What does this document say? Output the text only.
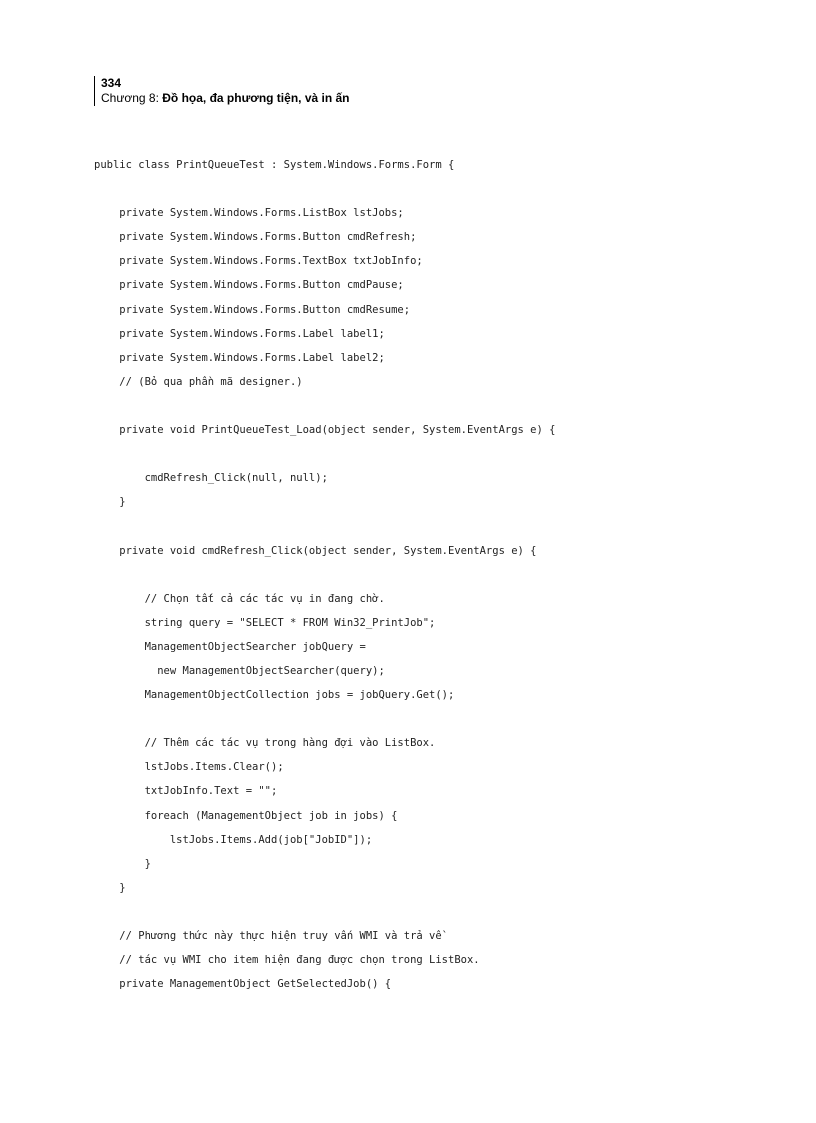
334
Chương 8: Đồ họa, đa phương tiện, và in ấn
public class PrintQueueTest : System.Windows.Forms.Form {
private System.Windows.Forms.ListBox lstJobs;
private System.Windows.Forms.Button cmdRefresh;
private System.Windows.Forms.TextBox txtJobInfo;
private System.Windows.Forms.Button cmdPause;
private System.Windows.Forms.Button cmdResume;
private System.Windows.Forms.Label label1;
private System.Windows.Forms.Label label2;
// (Bỏ qua phần mã designer.)
private void PrintQueueTest_Load(object sender, System.EventArgs e) {
cmdRefresh_Click(null, null);
}
private void cmdRefresh_Click(object sender, System.EventArgs e) {
// Chọn tất cả các tác vụ in đang chờ.
string query = "SELECT * FROM Win32_PrintJob";
ManagementObjectSearcher jobQuery =
new ManagementObjectSearcher(query);
ManagementObjectCollection jobs = jobQuery.Get();
// Thêm các tác vụ trong hàng đợi vào ListBox.
lstJobs.Items.Clear();
txtJobInfo.Text = "";
foreach (ManagementObject job in jobs) {
lstJobs.Items.Add(job["JobID"]);
}
}
// Phương thức này thực hiện truy vấn WMI và trả về
// tác vụ WMI cho item hiện đang được chọn trong ListBox.
private ManagementObject GetSelectedJob() {
